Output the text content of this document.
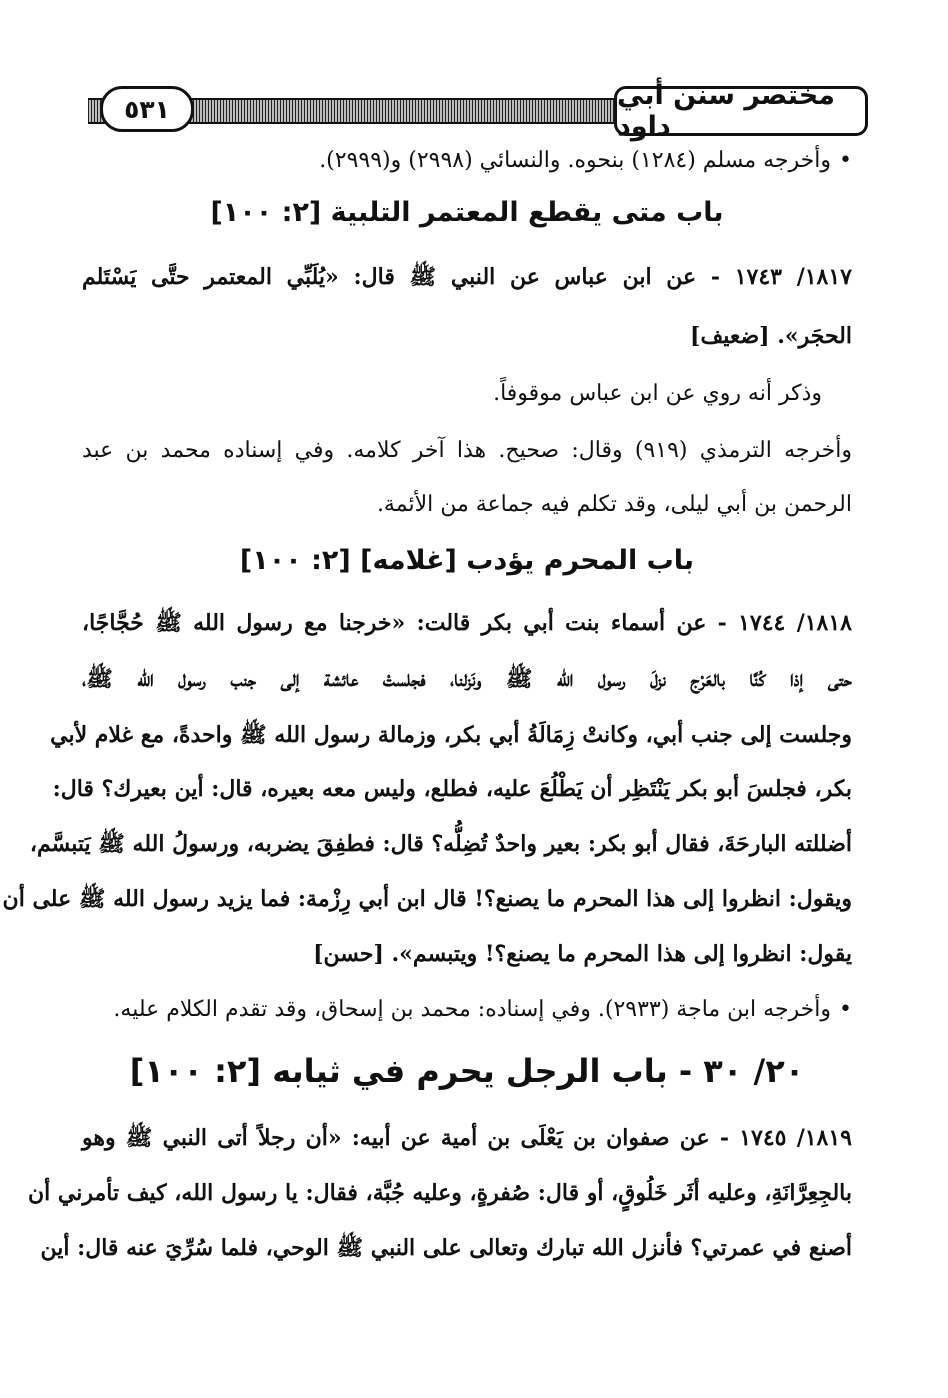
٥٣١	مختصر سنن أبي داود
•وأخرجه مسلم (١٢٨٤) بنحوه. والنسائي (٢٩٩٨) و(٢٩٩٩).
باب متى يقطع المعتمر التلبية [٢: ١٠٠]
١٨١٧/ ١٧٤٣ - عن ابن عباس عن النبي ﷺ قال: «يُلَبِّي المعتمر حتَّى يَسْتَلم
الحجَر». [ضعيف]
وذكر أنه روي عن ابن عباس موقوفاً.
وأخرجه الترمذي (٩١٩) وقال: صحيح. هذا آخر كلامه. وفي إسناده محمد بن عبد
الرحمن بن أبي ليلى، وقد تكلم فيه جماعة من الأئمة.
باب المحرم يؤدب [غلامه] [٢: ١٠٠]
١٨١٨/ ١٧٤٤ - عن أسماء بنت أبي بكر قالت: «خرجنا مع رسول الله ﷺ حُجَّاجًا،
حتى إذا كُنَّا بالعَرْج نزلَ رسول الله ﷺ ونَزلنا، فجلستْ عائشة إلى جنب رسول الله ﷺ،
وجلست إلى جنب أبي، وكانتْ زِمَالَةُ أبي بكر، وزمالة رسول الله ﷺ واحدةً، مع غلام لأبي
بكر، فجلسَ أبو بكر يَنْتَظِر أن يَطْلُعَ عليه، فطلع، وليس معه بعيره، قال: أين بعيرك؟ قال:
أضللته البارحَةَ، فقال أبو بكر: بعير واحدٌ تُضِلُّه؟ قال: فطفِقَ يضربه، ورسولُ الله ﷺ يَتبسَّم،
ويقول: انظروا إلى هذا المحرم ما يصنع؟! قال ابن أبي رِزْمة: فما يزيد رسول الله ﷺ على أن
يقول: انظروا إلى هذا المحرم ما يصنع؟! ويتبسم». [حسن]
•وأخرجه ابن ماجة (٢٩٣٣). وفي إسناده: محمد بن إسحاق، وقد تقدم الكلام عليه.
٢٠/ ٣٠ - باب الرجل يحرم في ثيابه [٢: ١٠٠]
١٨١٩/ ١٧٤٥ - عن صفوان بن يَعْلَى بن أمية عن أبيه: «أن رجلاً أتى النبي ﷺ وهو
بالجِعِرَّانَةِ، وعليه أثَر خَلُوقٍ، أو قال: صُفرةٍ، وعليه جُبَّة، فقال: يا رسول الله، كيف تأمرني أن
أصنع في عمرتي؟ فأنزل الله تبارك وتعالى على النبي ﷺ الوحي، فلما سُرِّيَ عنه قال: أين
